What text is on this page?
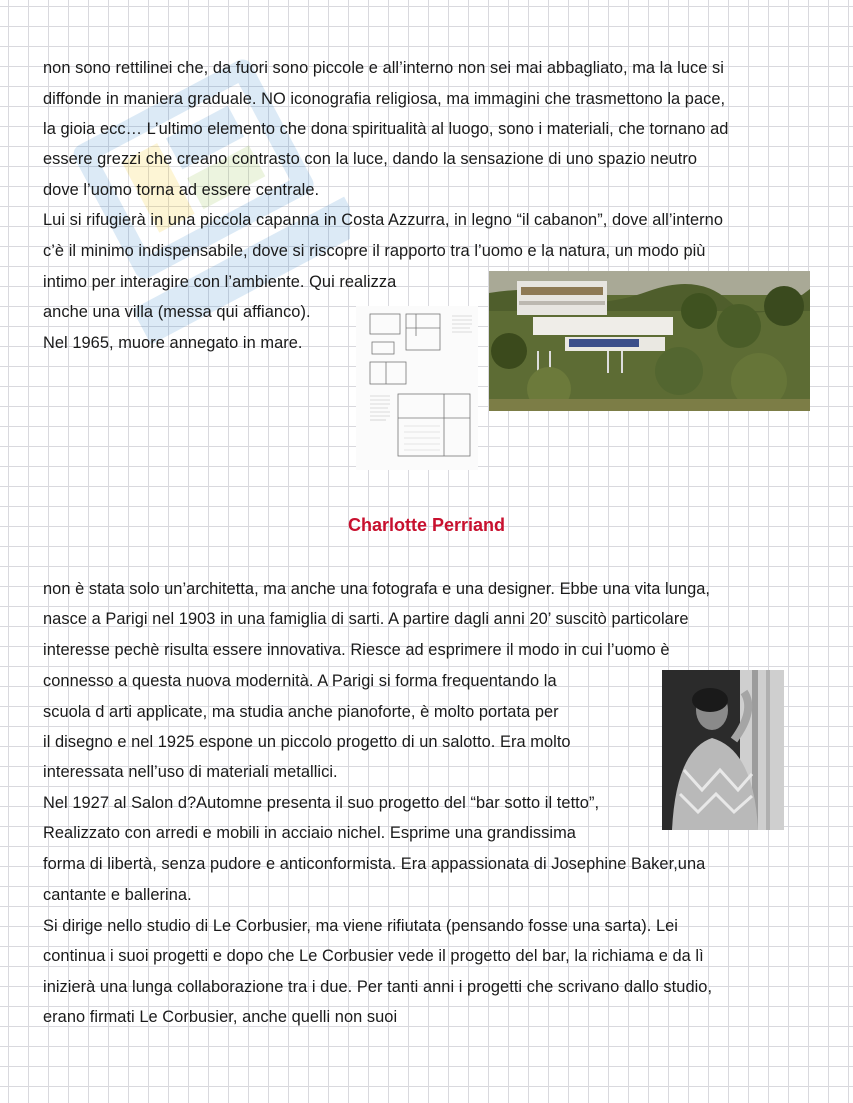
non sono rettilinei che, da fuori sono piccole e all’interno non sei mai abbagliato, ma la luce si
diffonde in maniera graduale. NO iconografia religiosa, ma immagini che trasmettono la pace,
la gioia ecc… L’ultimo elemento che dona spiritualità al luogo, sono i materiali, che tornano ad
essere grezzi che creano contrasto con la luce, dando la sensazione di uno spazio neutro
dove l’uomo torna ad essere centrale.
Lui si rifugierà in una piccola capanna in Costa Azzurra, in legno “il cabanon”, dove all’interno
c’è il minimo indispensabile, dove si riscopre il rapporto tra l’uomo e la natura, un modo più
intimo per interagire con l’ambiente. Qui realizza
anche una villa (messa qui affianco).
Nel 1965, muore annegato in mare.
Charlotte Perriand
non è stata solo un’architetta, ma anche una fotografa e una designer. Ebbe una vita lunga,
nasce a Parigi nel 1903 in una famiglia di sarti. A partire dagli anni 20’ suscitò particolare
interesse pechè risulta essere innovativa. Riesce ad esprimere il modo in cui l’uomo è
connesso a questa nuova modernità. A Parigi si forma frequentando la
scuola d arti applicate, ma studia anche pianoforte, è molto portata per
il disegno e nel 1925 espone un piccolo progetto di un salotto. Era molto
interessata nell’uso di materiali metallici.
Nel 1927 al Salon d?Automne presenta il suo progetto del “bar sotto il tetto”,
Realizzato con arredi e mobili in acciaio nichel. Esprime una grandissima
forma di libertà, senza pudore e anticonformista. Era appassionata di Josephine Baker,una
cantante e ballerina.
Si dirige nello studio di Le Corbusier, ma viene rifiutata (pensando fosse una sarta). Lei
continua i suoi progetti e dopo che Le Corbusier vede il progetto del bar, la richiama e da lì
inizierà una lunga collaborazione tra i due. Per tanti anni i progetti che scrivano dallo studio,
erano firmati Le Corbusier, anche quelli non suoi
